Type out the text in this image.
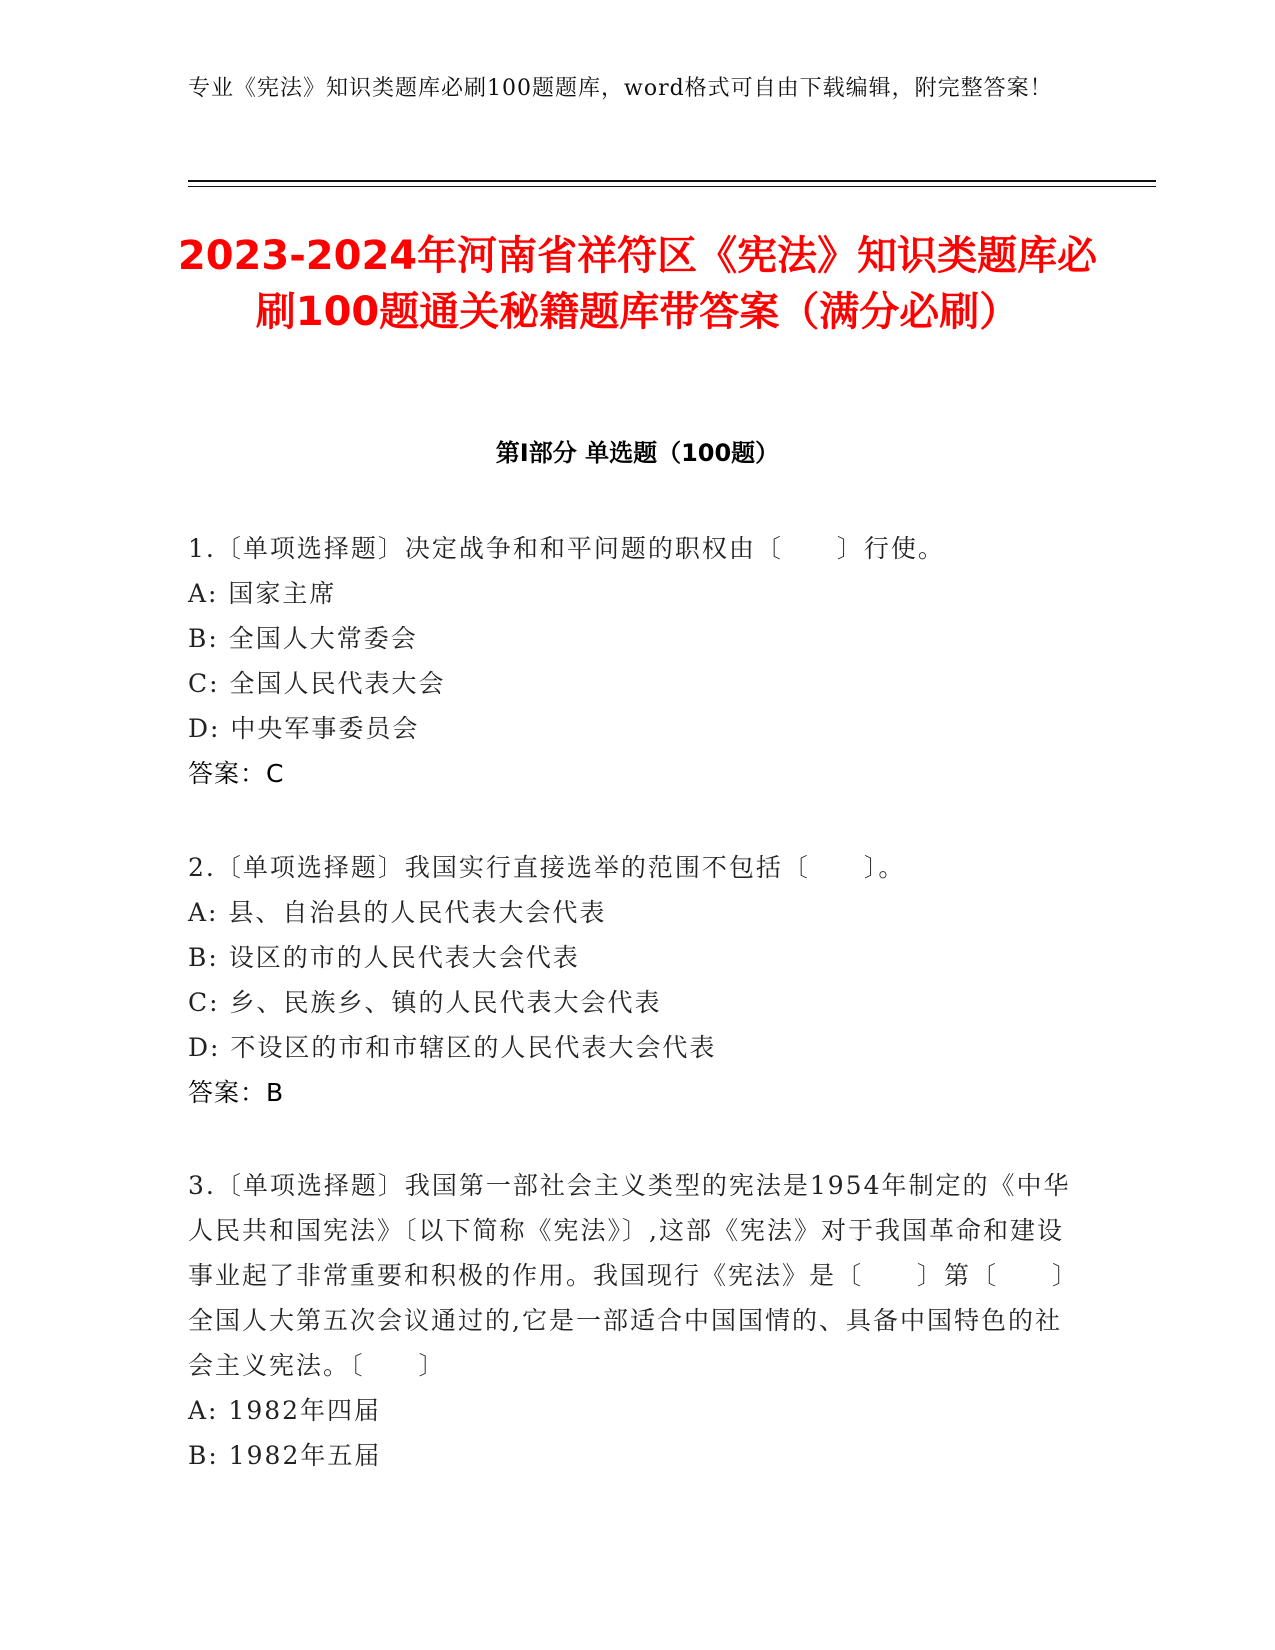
专业《宪法》知识类题库必刷100题题库，word格式可自由下载编辑，附完整答案！
2023-2024年河南省祥符区《宪法》知识类题库必刷100题通关秘籍题库带答案（满分必刷）
第Ⅰ部分 单选题（100题）

1.〔单项选择题〕决定战争和和平问题的职权由〔　　〕行使。

A: 国家主席

B: 全国人大常委会

C: 全国人民代表大会

D: 中央军事委员会

答案：C

2.〔单项选择题〕我国实行直接选举的范围不包括〔　　〕。

A: 县、自治县的人民代表大会代表

B: 设区的市的人民代表大会代表

C: 乡、民族乡、镇的人民代表大会代表

D: 不设区的市和市辖区的人民代表大会代表

答案：B

3.〔单项选择题〕我国第一部社会主义类型的宪法是1954年制定的《中华人民共和国宪法》〔以下简称《宪法》〕,这部《宪法》对于我国革命和建设事业起了非常重要和积极的作用。我国现行《宪法》是〔　　〕第〔　　〕全国人大第五次会议通过的,它是一部适合中国国情的、具备中国特色的社会主义宪法。〔　　〕

A: 1982年四届

B: 1982年五届
